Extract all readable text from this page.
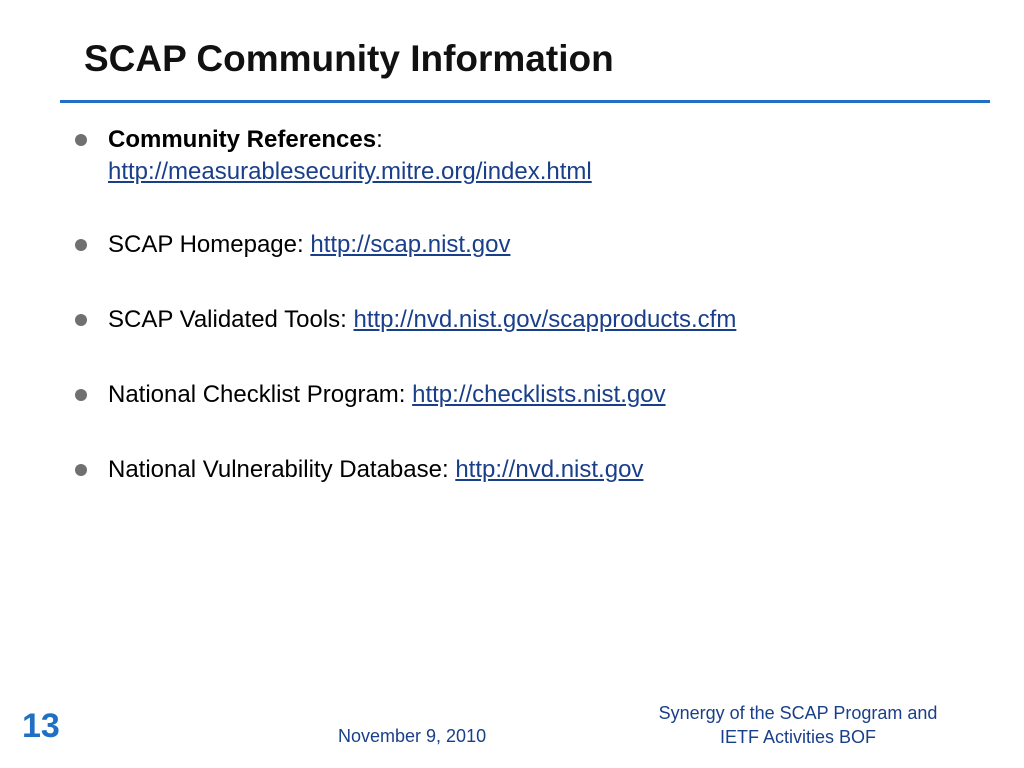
SCAP Community Information
Community References:
http://measurablesecurity.mitre.org/index.html
SCAP Homepage: http://scap.nist.gov
SCAP Validated Tools: http://nvd.nist.gov/scapproducts.cfm
National Checklist Program: http://checklists.nist.gov
National Vulnerability Database: http://nvd.nist.gov
13	November 9, 2010
Synergy of the SCAP Program and
IETF Activities BOF
